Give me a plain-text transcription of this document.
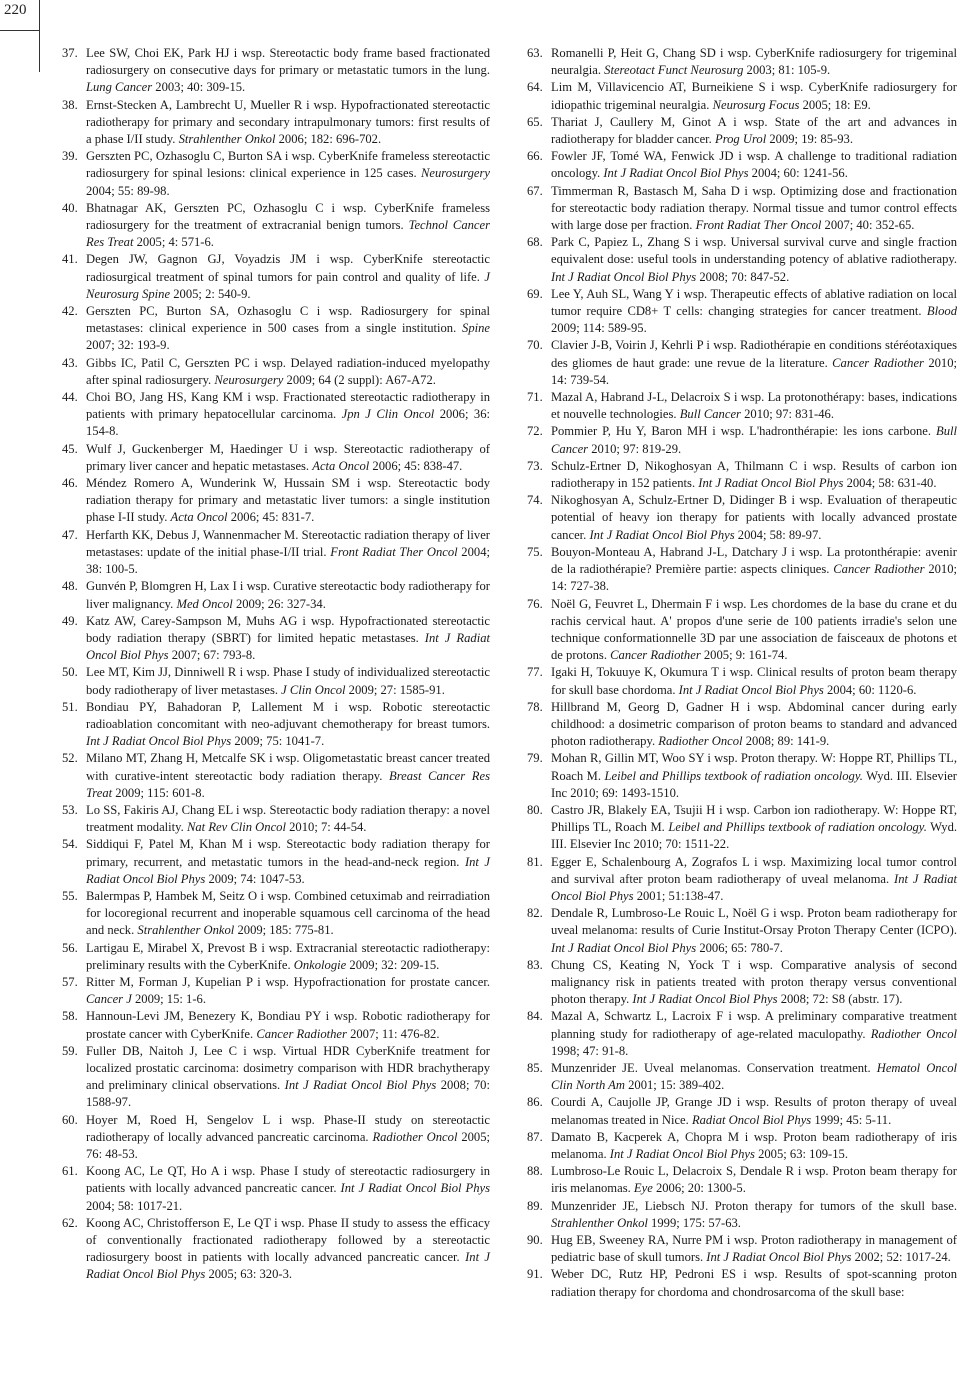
220
37. Lee SW, Choi EK, Park HJ i wsp. Stereotactic body frame based fractionated radiosurgery on consecutive days for primary or metastatic tumors in the lung. Lung Cancer 2003; 40: 309-15.
38. Ernst-Stecken A, Lambrecht U, Mueller R i wsp. Hypofractionated stereotactic radiotherapy for primary and secondary intrapulmonary tumors: first results of a phase I/II study. Strahlenther Onkol 2006; 182: 696-702.
39. Gerszten PC, Ozhasoglu C, Burton SA i wsp. CyberKnife frameless stereotactic radiosurgery for spinal lesions: clinical experience in 125 cases. Neurosurgery 2004; 55: 89-98.
40. Bhatnagar AK, Gerszten PC, Ozhasoglu C i wsp. CyberKnife frameless radiosurgery for the treatment of extracranial benign tumors. Technol Cancer Res Treat 2005; 4: 571-6.
41. Degen JW, Gagnon GJ, Voyadzis JM i wsp. CyberKnife stereotactic radiosurgical treatment of spinal tumors for pain control and quality of life. J Neurosurg Spine 2005; 2: 540-9.
42. Gerszten PC, Burton SA, Ozhasoglu C i wsp. Radiosurgery for spinal metastases: clinical experience in 500 cases from a single institution. Spine 2007; 32: 193-9.
43. Gibbs IC, Patil C, Gerszten PC i wsp. Delayed radiation-induced myelopathy after spinal radiosurgery. Neurosurgery 2009; 64 (2 suppl): A67-A72.
44. Choi BO, Jang HS, Kang KM i wsp. Fractionated stereotactic radiotherapy in patients with primary hepatocellular carcinoma. Jpn J Clin Oncol 2006; 36: 154-8.
45. Wulf J, Guckenberger M, Haedinger U i wsp. Stereotactic radiotherapy of primary liver cancer and hepatic metastases. Acta Oncol 2006; 45: 838-47.
46. Méndez Romero A, Wunderink W, Hussain SM i wsp. Stereotactic body radiation therapy for primary and metastatic liver tumors: a single institution phase I-II study. Acta Oncol 2006; 45: 831-7.
47. Herfarth KK, Debus J, Wannenmacher M. Stereotactic radiation therapy of liver metastases: update of the initial phase-I/II trial. Front Radiat Ther Oncol 2004; 38: 100-5.
48. Gunvén P, Blomgren H, Lax I i wsp. Curative stereotactic body radiotherapy for liver malignancy. Med Oncol 2009; 26: 327-34.
49. Katz AW, Carey-Sampson M, Muhs AG i wsp. Hypofractionated stereotactic body radiation therapy (SBRT) for limited hepatic metastases. Int J Radiat Oncol Biol Phys 2007; 67: 793-8.
50. Lee MT, Kim JJ, Dinniwell R i wsp. Phase I study of individualized stereotactic body radiotherapy of liver metastases. J Clin Oncol 2009; 27: 1585-91.
51. Bondiau PY, Bahadoran P, Lallement M i wsp. Robotic stereotactic radioablation concomitant with neo-adjuvant chemotherapy for breast tumors. Int J Radiat Oncol Biol Phys 2009; 75: 1041-7.
52. Milano MT, Zhang H, Metcalfe SK i wsp. Oligometastatic breast cancer treated with curative-intent stereotactic body radiation therapy. Breast Cancer Res Treat 2009; 115: 601-8.
53. Lo SS, Fakiris AJ, Chang EL i wsp. Stereotactic body radiation therapy: a novel treatment modality. Nat Rev Clin Oncol 2010; 7: 44-54.
54. Siddiqui F, Patel M, Khan M i wsp. Stereotactic body radiation therapy for primary, recurrent, and metastatic tumors in the head-and-neck region. Int J Radiat Oncol Biol Phys 2009; 74: 1047-53.
55. Balermpas P, Hambek M, Seitz O i wsp. Combined cetuximab and reirradiation for locoregional recurrent and inoperable squamous cell carcinoma of the head and neck. Strahlenther Onkol 2009; 185: 775-81.
56. Lartigau E, Mirabel X, Prevost B i wsp. Extracranial stereotactic radiotherapy: preliminary results with the CyberKnife. Onkologie 2009; 32: 209-15.
57. Ritter M, Forman J, Kupelian P i wsp. Hypofractionation for prostate cancer. Cancer J 2009; 15: 1-6.
58. Hannoun-Levi JM, Benezery K, Bondiau PY i wsp. Robotic radiotherapy for prostate cancer with CyberKnife. Cancer Radiother 2007; 11: 476-82.
59. Fuller DB, Naitoh J, Lee C i wsp. Virtual HDR CyberKnife treatment for localized prostatic carcinoma: dosimetry comparison with HDR brachytherapy and preliminary clinical observations. Int J Radiat Oncol Biol Phys 2008; 70: 1588-97.
60. Hoyer M, Roed H, Sengelov L i wsp. Phase-II study on stereotactic radiotherapy of locally advanced pancreatic carcinoma. Radiother Oncol 2005; 76: 48-53.
61. Koong AC, Le QT, Ho A i wsp. Phase I study of stereotactic radiosurgery in patients with locally advanced pancreatic cancer. Int J Radiat Oncol Biol Phys 2004; 58: 1017-21.
62. Koong AC, Christofferson E, Le QT i wsp. Phase II study to assess the efficacy of conventionally fractionated radiotherapy followed by a stereotactic radiosurgery boost in patients with locally advanced pancreatic cancer. Int J Radiat Oncol Biol Phys 2005; 63: 320-3.
63. Romanelli P, Heit G, Chang SD i wsp. CyberKnife radiosurgery for trigeminal neuralgia. Stereotact Funct Neurosurg 2003; 81: 105-9.
64. Lim M, Villavicencio AT, Burneikiene S i wsp. CyberKnife radiosurgery for idiopathic trigeminal neuralgia. Neurosurg Focus 2005; 18: E9.
65. Thariat J, Caullery M, Ginot A i wsp. State of the art and advances in radiotherapy for bladder cancer. Prog Urol 2009; 19: 85-93.
66. Fowler JF, Tomé WA, Fenwick JD i wsp. A challenge to traditional radiation oncology. Int J Radiat Oncol Biol Phys 2004; 60: 1241-56.
67. Timmerman R, Bastasch M, Saha D i wsp. Optimizing dose and fractionation for stereotactic body radiation therapy. Normal tissue and tumor control effects with large dose per fraction. Front Radiat Ther Oncol 2007; 40: 352-65.
68. Park C, Papiez L, Zhang S i wsp. Universal survival curve and single fraction equivalent dose: useful tools in understanding potency of ablative radiotherapy. Int J Radiat Oncol Biol Phys 2008; 70: 847-52.
69. Lee Y, Auh SL, Wang Y i wsp. Therapeutic effects of ablative radiation on local tumor require CD8+ T cells: changing strategies for cancer treatment. Blood 2009; 114: 589-95.
70. Clavier J-B, Voirin J, Kehrli P i wsp. Radiothérapie en conditions stéréotaxiques des gliomes de haut grade: une revue de la literature. Cancer Radiother 2010; 14: 739-54.
71. Mazal A, Habrand J-L, Delacroix S i wsp. La protonothérapy: bases, indications et nouvelle technologies. Bull Cancer 2010; 97: 831-46.
72. Pommier P, Hu Y, Baron MH i wsp. L'hadronthérapie: les ions carbone. Bull Cancer 2010; 97: 819-29.
73. Schulz-Ertner D, Nikoghosyan A, Thilmann C i wsp. Results of carbon ion radiotherapy in 152 patients. Int J Radiat Oncol Biol Phys 2004; 58: 631-40.
74. Nikoghosyan A, Schulz-Ertner D, Didinger B i wsp. Evaluation of therapeutic potential of heavy ion therapy for patients with locally advanced prostate cancer. Int J Radiat Oncol Biol Phys 2004; 58: 89-97.
75. Bouyon-Monteau A, Habrand J-L, Datchary J i wsp. La protonthérapie: avenir de la radiothérapie? Première partie: aspects cliniques. Cancer Radiother 2010; 14: 727-38.
76. Noël G, Feuvret L, Dhermain F i wsp. Les chordomes de la base du crane et du rachis cervical haut. A' propos d'une serie de 100 patients irradie's selon une technique conformationnelle 3D par une association de faisceaux de photons et de protons. Cancer Radiother 2005; 9: 161-74.
77. Igaki H, Tokuuye K, Okumura T i wsp. Clinical results of proton beam therapy for skull base chordoma. Int J Radiat Oncol Biol Phys 2004; 60: 1120-6.
78. Hillbrand M, Georg D, Gadner H i wsp. Abdominal cancer during early childhood: a dosimetric comparison of proton beams to standard and advanced photon radiotherapy. Radiother Oncol 2008; 89: 141-9.
79. Mohan R, Gillin MT, Woo SY i wsp. Proton therapy. W: Hoppe RT, Phillips TL, Roach M. Leibel and Phillips textbook of radiation oncology. Wyd. III. Elsevier Inc 2010; 69: 1493-1510.
80. Castro JR, Blakely EA, Tsujii H i wsp. Carbon ion radiotherapy. W: Hoppe RT, Phillips TL, Roach M. Leibel and Phillips textbook of radiation oncology. Wyd. III. Elsevier Inc 2010; 70: 1511-22.
81. Egger E, Schalenbourg A, Zografos L i wsp. Maximizing local tumor control and survival after proton beam radiotherapy of uveal melanoma. Int J Radiat Oncol Biol Phys 2001; 51:138-47.
82. Dendale R, Lumbroso-Le Rouic L, Noël G i wsp. Proton beam radiotherapy for uveal melanoma: results of Curie Institut-Orsay Proton Therapy Center (ICPO). Int J Radiat Oncol Biol Phys 2006; 65: 780-7.
83. Chung CS, Keating N, Yock T i wsp. Comparative analysis of second malignancy risk in patients treated with proton therapy versus conventional photon therapy. Int J Radiat Oncol Biol Phys 2008; 72: S8 (abstr. 17).
84. Mazal A, Schwartz L, Lacroix F i wsp. A preliminary comparative treatment planning study for radiotherapy of age-related maculopathy. Radiother Oncol 1998; 47: 91-8.
85. Munzenrider JE. Uveal melanomas. Conservation treatment. Hematol Oncol Clin North Am 2001; 15: 389-402.
86. Courdi A, Caujolle JP, Grange JD i wsp. Results of proton therapy of uveal melanomas treated in Nice. Radiat Oncol Biol Phys 1999; 45: 5-11.
87. Damato B, Kacperek A, Chopra M i wsp. Proton beam radiotherapy of iris melanoma. Int J Radiat Oncol Biol Phys 2005; 63: 109-15.
88. Lumbroso-Le Rouic L, Delacroix S, Dendale R i wsp. Proton beam therapy for iris melanomas. Eye 2006; 20: 1300-5.
89. Munzenrider JE, Liebsch NJ. Proton therapy for tumors of the skull base. Strahlenther Onkol 1999; 175: 57-63.
90. Hug EB, Sweeney RA, Nurre PM i wsp. Proton radiotherapy in management of pediatric base of skull tumors. Int J Radiat Oncol Biol Phys 2002; 52: 1017-24.
91. Weber DC, Rutz HP, Pedroni ES i wsp. Results of spot-scanning proton radiation therapy for chordoma and chondrosarcoma of the skull base:
